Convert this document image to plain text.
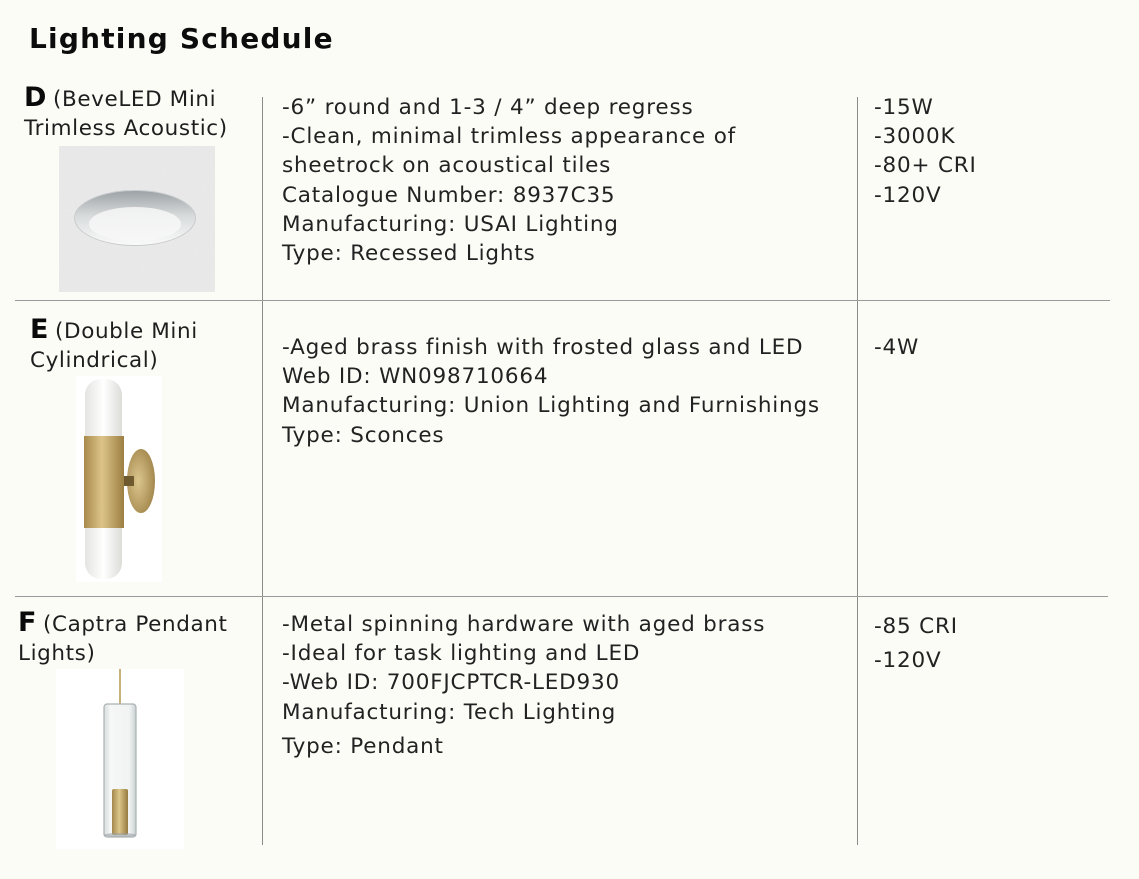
Lighting Schedule
D (BeveLED Mini
Trimless Acoustic)
-6” round and 1-3 / 4” deep regress
-Clean, minimal trimless appearance of
sheetrock on acoustical tiles
Catalogue Number: 8937C35
Manufacturing: USAI Lighting
Type: Recessed Lights
-15W
-3000K
-80+ CRI
-120V
E (Double Mini
Cylindrical)
-Aged brass finish with frosted glass and LED
Web ID: WN098710664
Manufacturing: Union Lighting and Furnishings
Type: Sconces
-4W
F (Captra Pendant
Lights)
-Metal spinning hardware with aged brass
-Ideal for task lighting and LED
-Web ID: 700FJCPTCR-LED930
Manufacturing: Tech Lighting
Type: Pendant
-85 CRI
-120V
